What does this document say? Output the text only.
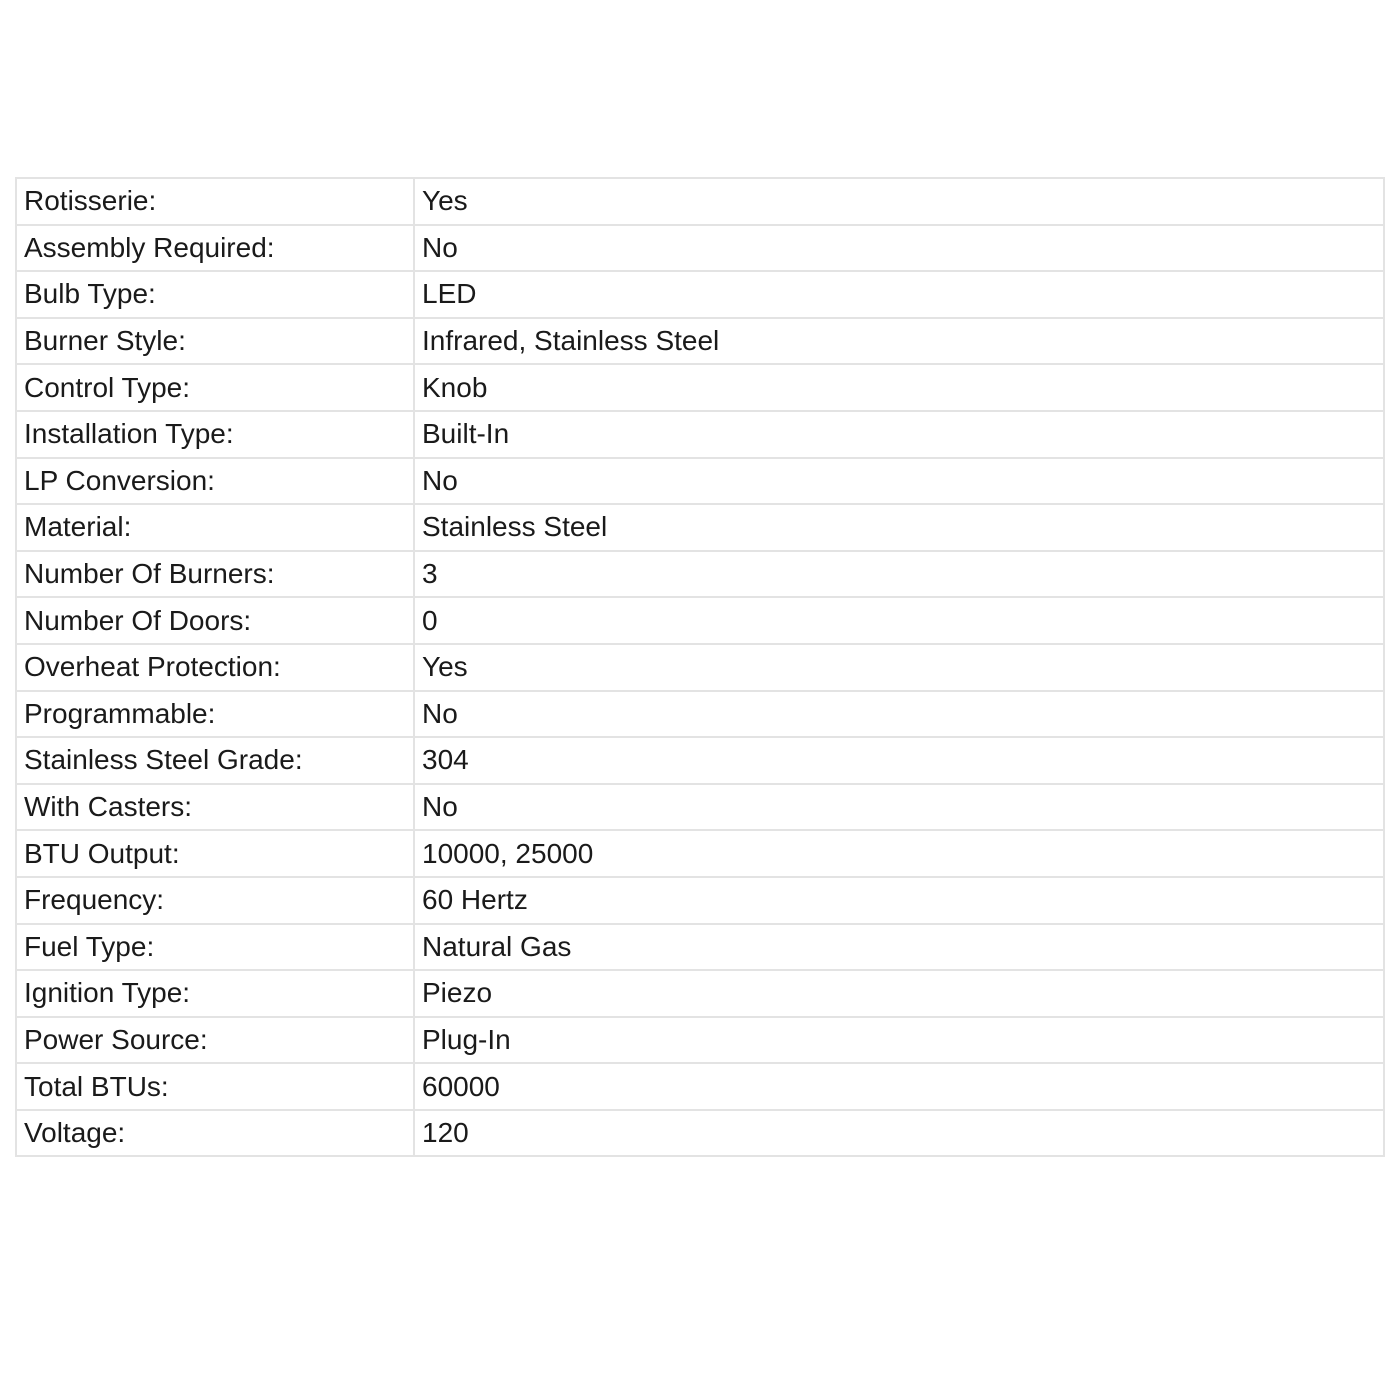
Rotisserie:	Yes
Assembly Required:	No
Bulb Type:	LED
Burner Style:	Infrared, Stainless Steel
Control Type:	Knob
Installation Type:	Built-In
LP Conversion:	No
Material:	Stainless Steel
Number Of Burners:	3
Number Of Doors:	0
Overheat Protection:	Yes
Programmable:	No
Stainless Steel Grade:	304
With Casters:	No
BTU Output:	10000, 25000
Frequency:	60 Hertz
Fuel Type:	Natural Gas
Ignition Type:	Piezo
Power Source:	Plug-In
Total BTUs:	60000
Voltage:	120
